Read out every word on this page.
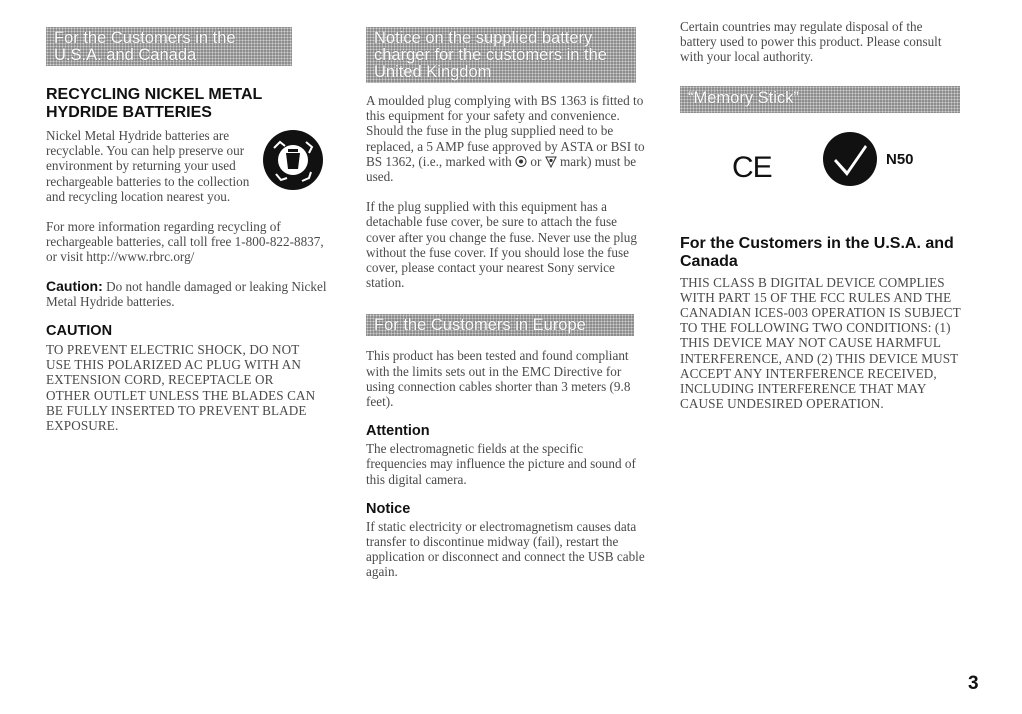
For the Customers in the U.S.A. and Canada
RECYCLING NICKEL METAL HYDRIDE BATTERIES

Nickel Metal Hydride batteries are recyclable. You can help preserve our environment by returning your used rechargeable batteries to the collection and recycling location nearest you.

For more information regarding recycling of rechargeable batteries, call toll free 1-800-822-8837, or visit http://www.rbrc.org/

Caution: Do not handle damaged or leaking Nickel Metal Hydride batteries.

CAUTION

TO PREVENT ELECTRIC SHOCK, DO NOT USE THIS POLARIZED AC PLUG WITH AN EXTENSION CORD, RECEPTACLE OR OTHER OUTLET UNLESS THE BLADES CAN BE FULLY INSERTED TO PREVENT BLADE EXPOSURE.

Notice on the supplied battery charger for the customers in the United Kingdom

A moulded plug complying with BS 1363 is fitted to this equipment for your safety and convenience.

Should the fuse in the plug supplied need to be replaced, a 5 AMP fuse approved by ASTA or BSI to BS 1362, (i.e., marked with  or  mark) must be used.

If the plug supplied with this equipment has a detachable fuse cover, be sure to attach the fuse cover after you change the fuse. Never use the plug without the fuse cover. If you should lose the fuse cover, please contact your nearest Sony service station.

For the Customers in Europe

This product has been tested and found compliant with the limits sets out in the EMC Directive for using connection cables shorter than 3 meters (9.8 feet).

Attention

The electromagnetic fields at the specific frequencies may influence the picture and sound of this digital camera.

Notice

If static electricity or electromagnetism causes data transfer to discontinue midway (fail), restart the application or disconnect and connect the USB cable again.

Certain countries may regulate disposal of the battery used to power this product. Please consult with your local authority.

“Memory Stick”
CE	N50
For the Customers in the U.S.A. and Canada

THIS CLASS B DIGITAL DEVICE COMPLIES WITH PART 15 OF THE FCC RULES AND THE CANADIAN ICES-003 OPERATION IS SUBJECT TO THE FOLLOWING TWO CONDITIONS: (1) THIS DEVICE MAY NOT CAUSE HARMFUL INTERFERENCE, AND (2) THIS DEVICE MUST ACCEPT ANY INTERFERENCE RECEIVED, INCLUDING INTERFERENCE THAT MAY CAUSE UNDESIRED OPERATION.

3
